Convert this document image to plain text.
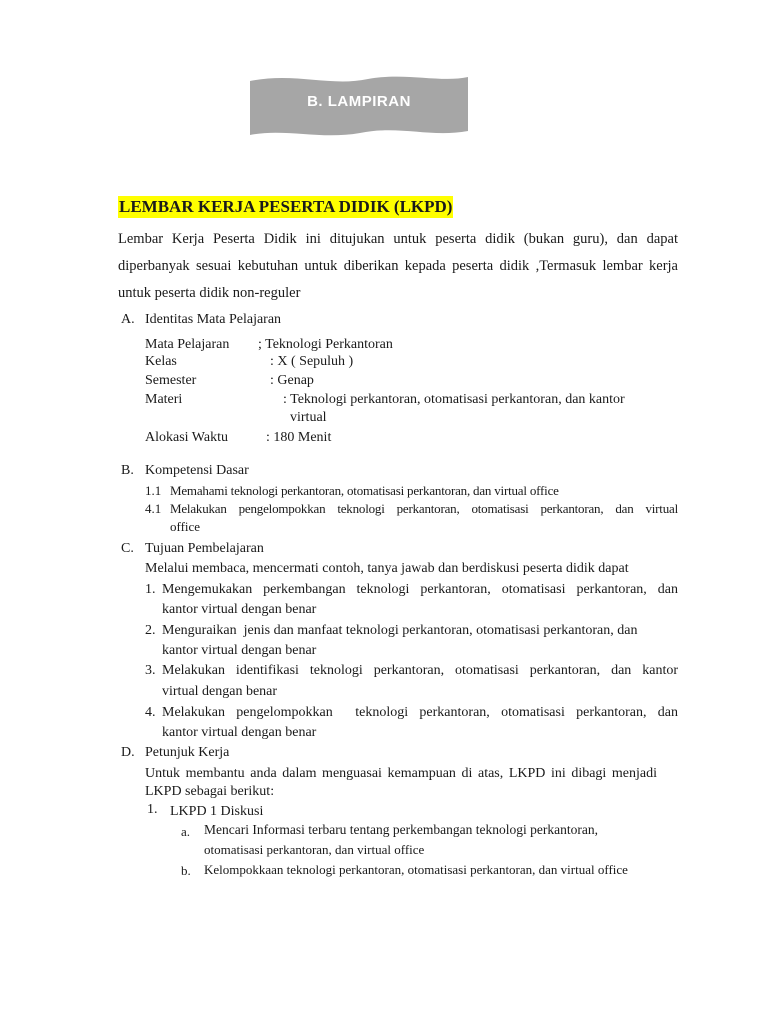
B. LAMPIRAN
LEMBAR KERJA PESERTA DIDIK (LKPD)
Lembar Kerja Peserta Didik ini ditujukan untuk peserta didik (bukan guru), dan dapat diperbanyak sesuai kebutuhan untuk diberikan kepada peserta didik ,Termasuk lembar kerja untuk peserta didik non-reguler
A. Identitas Mata Pelajaran
Mata Pelajaran ; Teknologi Perkantoran
Kelas	: X ( Sepuluh )
Semester	: Genap
Materi	: Teknologi perkantoran, otomatisasi perkantoran, dan kantor
virtual
Alokasi Waktu	: 180 Menit
B. Kompetensi Dasar
1.1 Memahami teknologi perkantoran, otomatisasi perkantoran, dan virtual office
4.1 Melakukan pengelompokkan teknologi perkantoran, otomatisasi perkantoran, dan virtual
office
C. Tujuan Pembelajaran
Melalui membaca, mencermati contoh, tanya jawab dan berdiskusi peserta didik dapat
1. Mengemukakan perkembangan teknologi perkantoran, otomatisasi perkantoran, dan
kantor virtual dengan benar
2. Menguraikan  jenis dan manfaat teknologi perkantoran, otomatisasi perkantoran, dan
kantor virtual dengan benar
3. Melakukan identifikasi teknologi perkantoran, otomatisasi perkantoran, dan kantor
virtual dengan benar
4. Melakukan pengelompokkan  teknologi perkantoran, otomatisasi perkantoran, dan
kantor virtual dengan benar
D. Petunjuk Kerja
Untuk membantu anda dalam menguasai kemampuan di atas, LKPD ini dibagi menjadi
LKPD sebagai berikut:
1. LKPD 1 Diskusi
a. Mencari Informasi terbaru tentang perkembangan teknologi perkantoran,
otomatisasi perkantoran, dan virtual office
b. Kelompokkaan teknologi perkantoran, otomatisasi perkantoran, dan virtual office
